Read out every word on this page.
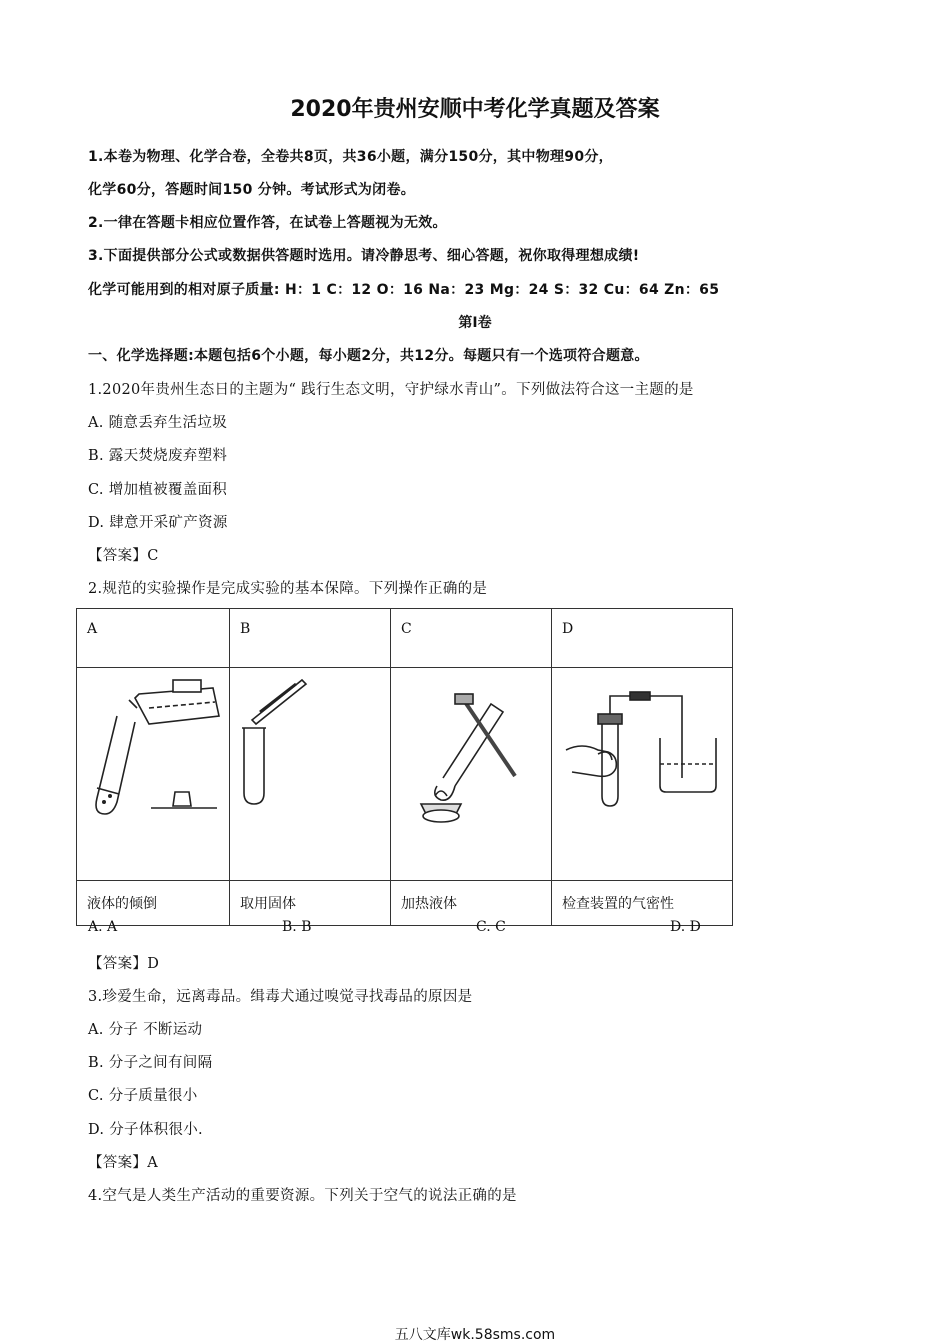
2020年贵州安顺中考化学真题及答案
1.本卷为物理、化学合卷，全卷共8页，共36小题，满分150分，其中物理90分，
化学60分，答题时间150 分钟。考试形式为闭卷。
2.一律在答题卡相应位置作答，在试卷上答题视为无效。
3.下面提供部分公式或数据供答题时选用。请冷静思考、细心答题，祝你取得理想成绩!
化学可能用到的相对原子质量: H：1 C：12 O：16 Na：23 Mg：24 S：32 Cu：64 Zn：65
第I卷
一、化学选择题:本题包括6个小题，每小题2分，共12分。每题只有一个选项符合题意。
1.2020年贵州生态日的主题为“ 践行生态文明，守护绿水青山”。下列做法符合这一主题的是
A. 随意丢弃生活垃圾
B. 露天焚烧废弃塑料
C. 增加植被覆盖面积
D. 肆意开采矿产资源
【答案】C
2.规范的实验操作是完成实验的基本保障。下列操作正确的是
A	B	C	D

液体的倾倒	取用固体	加热液体	检查装置的气密性
A. A	B. B	C. C	D. D
【答案】D
3.珍爱生命，远离毒品。缉毒犬通过嗅觉寻找毒品的原因是
A. 分子 不断运动
B. 分子之间有间隔
C. 分子质量很小
D. 分子体积很小.
【答案】A
4.空气是人类生产活动的重要资源。下列关于空气的说法正确的是
五八文库wk.58sms.com
